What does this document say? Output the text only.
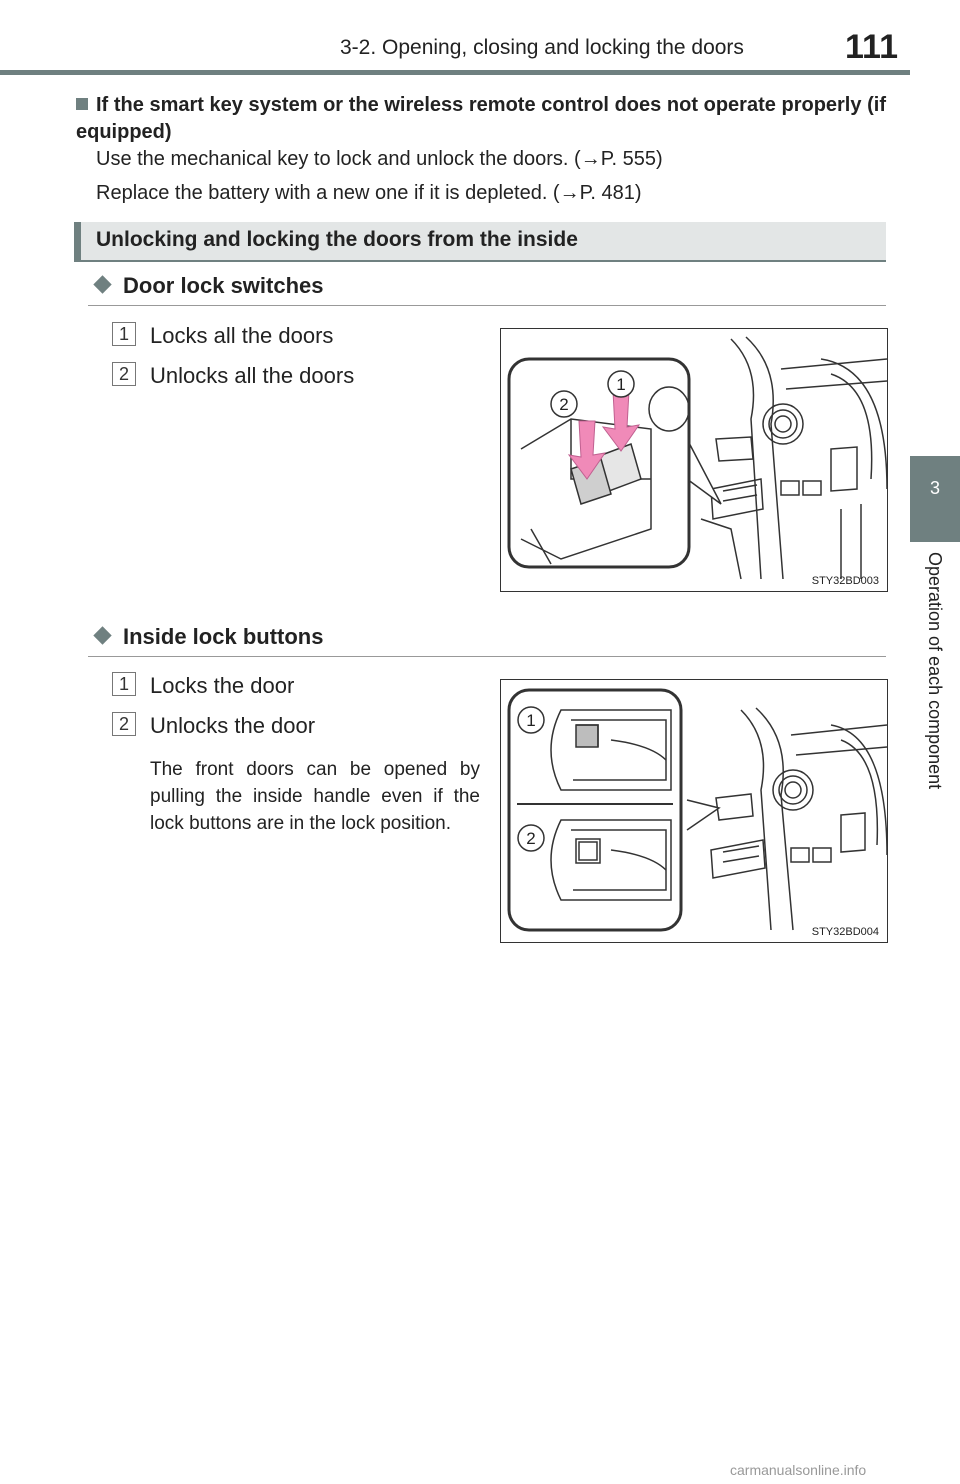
3-2. Opening, closing and locking the doors	111
3
Operation of each component
If the smart key system or the wireless remote control does not operate properly (if equipped)
Use the mechanical key to lock and unlock the doors. (→P. 555)
Replace the battery with a new one if it is depleted. (→P. 481)
Unlocking and locking the doors from the inside
Door lock switches
1 Locks all the doors
2 Unlocks all the doors	1
2
STY32BD003
Inside lock buttons
1 Locks the door
2 Unlocks the door
The front doors can be opened by pulling the inside handle even if the lock buttons are in the lock position.
1
2
STY32BD004
carmanualsonline.info
